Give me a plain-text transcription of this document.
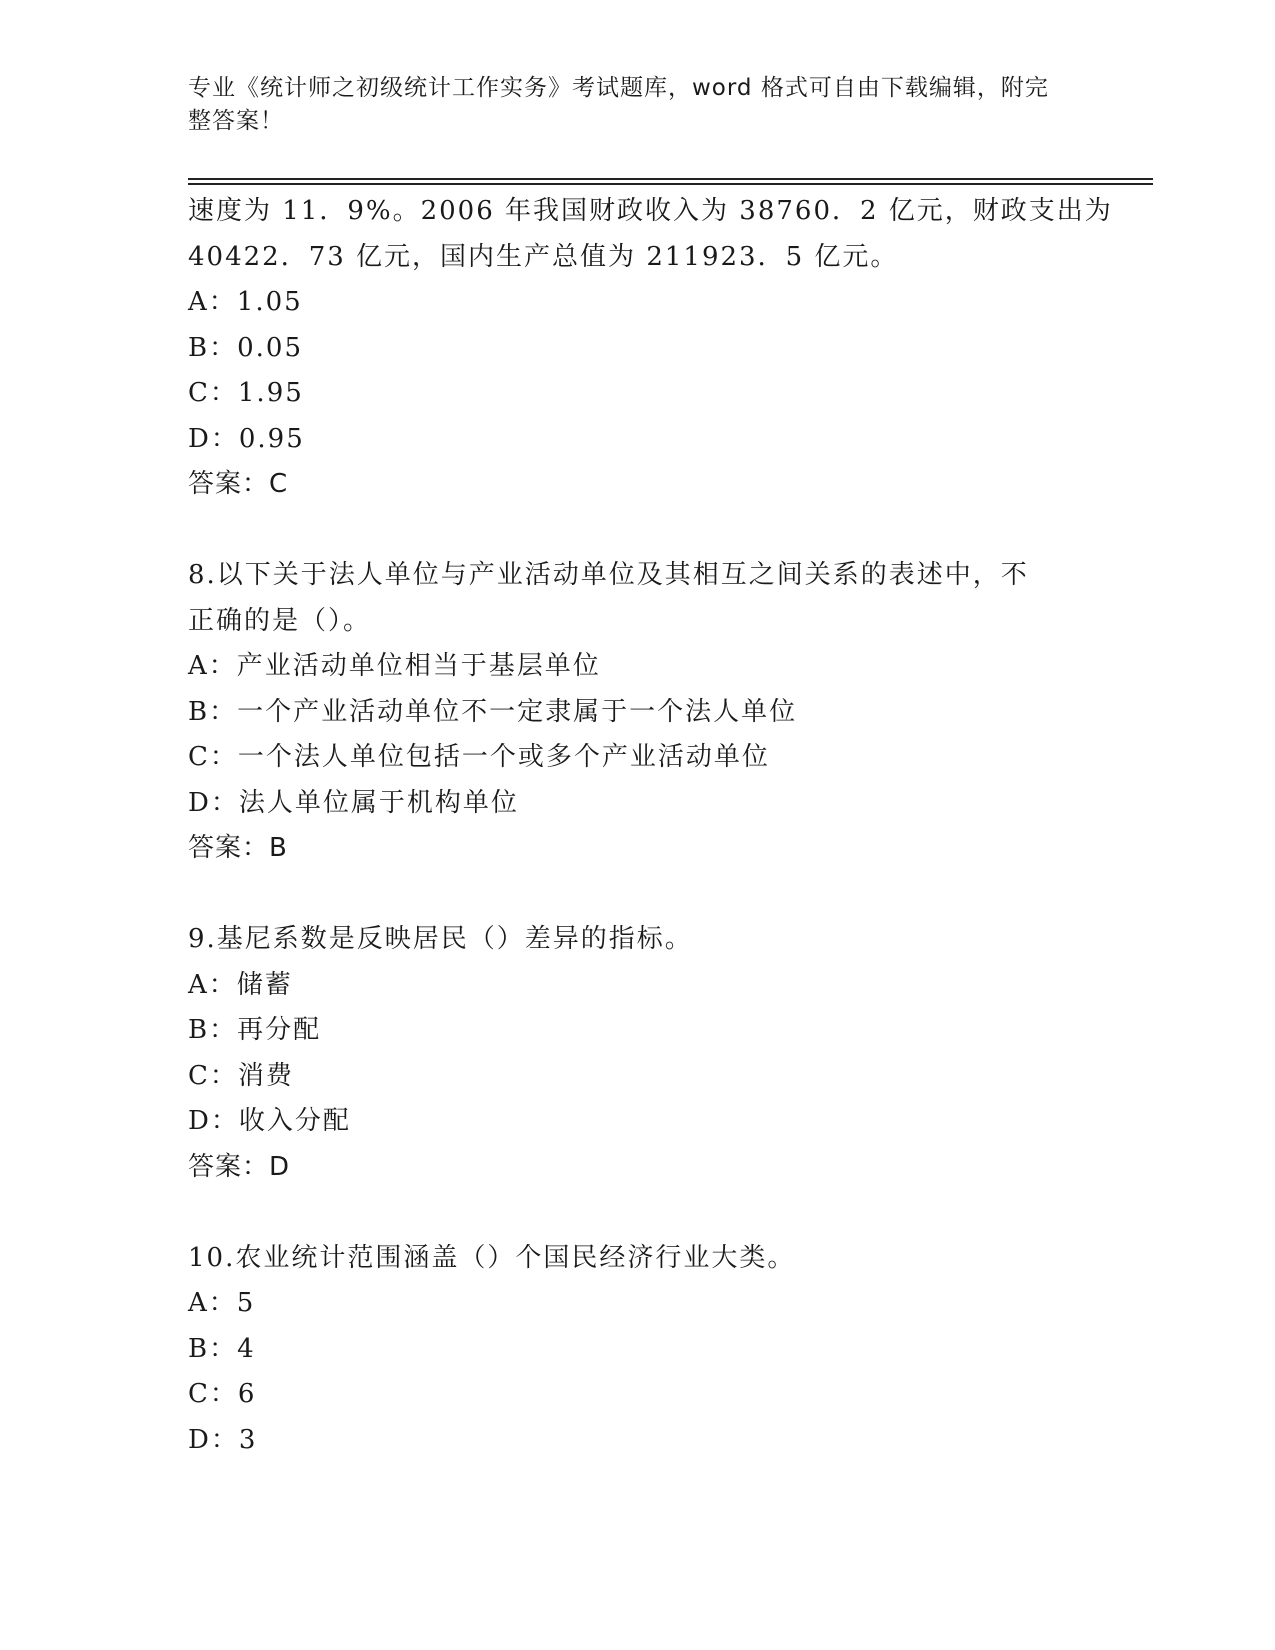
专业《统计师之初级统计工作实务》考试题库，word 格式可自由下载编辑，附完
整答案！
速度为 11．9%。2006 年我国财政收入为 38760．2 亿元，财政支出为
40422．73 亿元，国内生产总值为 211923．5 亿元。
A：1.05
B：0.05
C：1.95
D：0.95
答案：C
8.以下关于法人单位与产业活动单位及其相互之间关系的表述中，不
正确的是（）。
A：产业活动单位相当于基层单位
B：一个产业活动单位不一定隶属于一个法人单位
C：一个法人单位包括一个或多个产业活动单位
D：法人单位属于机构单位
答案：B
9.基尼系数是反映居民（）差异的指标。
A：储蓄
B：再分配
C：消费
D：收入分配
答案：D
10.农业统计范围涵盖（）个国民经济行业大类。
A：5
B：4
C：6
D：3
